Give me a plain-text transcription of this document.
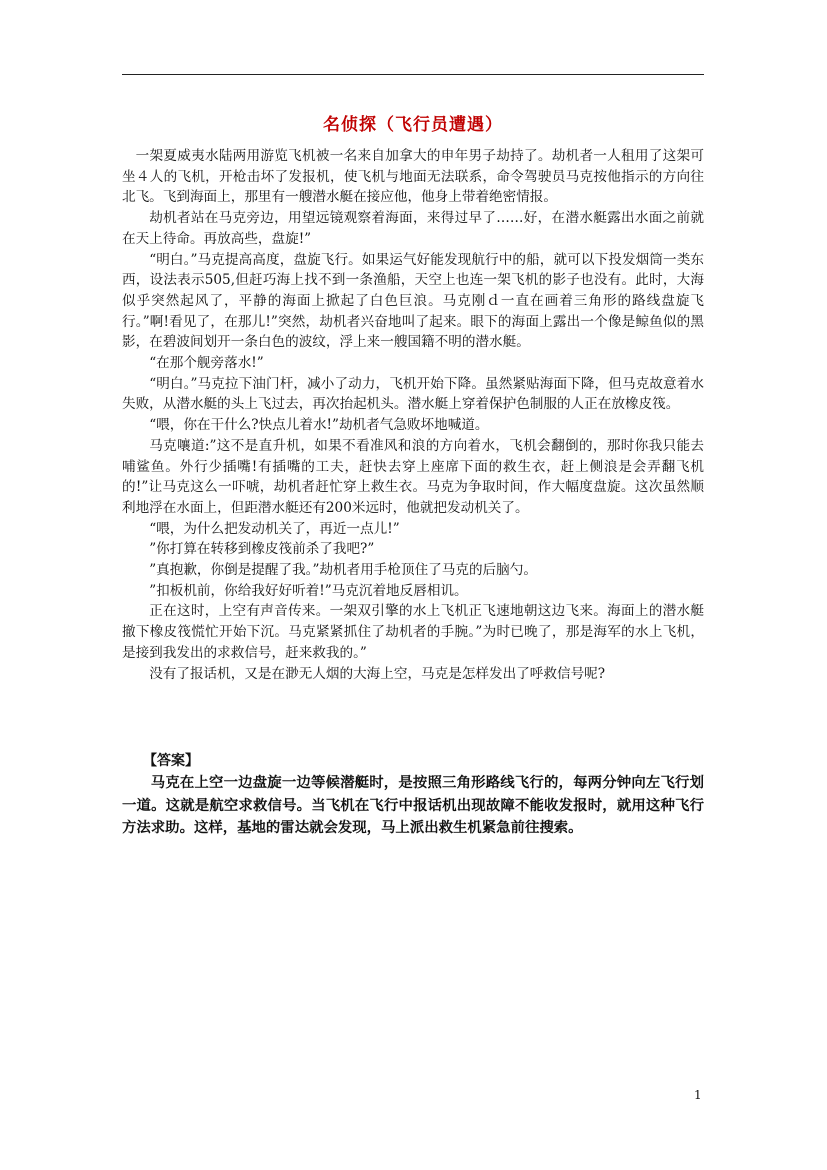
名侦探（飞行员遭遇）

一架夏威夷水陆两用游览飞机被一名来自加拿大的申年男子劫持了。劫机者一人租用了这架可坐４人的飞机，开枪击坏了发报机，使飞机与地面无法联系，命令驾驶员马克按他指示的方向往北飞。飞到海面上，那里有一艘潜水艇在接应他，他身上带着绝密情报。

劫机者站在马克旁边，用望远镜观察着海面，来得过早了……好，在潜水艇露出水面之前就在天上待命。再放高些，盘旋!”

“明白。”马克提高高度，盘旋飞行。如果运气好能发现航行中的船，就可以下投发烟筒一类东西，设法表示505,但赶巧海上找不到一条渔船，天空上也连一架飞机的影子也没有。此时，大海似乎突然起风了，平静的海面上掀起了白色巨浪。马克刚ｄ一直在画着三角形的路线盘旋飞行。”啊!看见了，在那儿!”突然，劫机者兴奋地叫了起来。眼下的海面上露出一个像是鲸鱼似的黑影，在碧波间划开一条白色的波纹，浮上来一艘国籍不明的潜水艇。

“在那个舰旁落水!”

“明白。”马克拉下油门杆，减小了动力，飞机开始下降。虽然紧贴海面下降，但马克故意着水失败，从潜水艇的头上飞过去，再次抬起机头。潜水艇上穿着保护色制服的人正在放橡皮筏。

“喂，你在干什么?快点儿着水!”劫机者气急败坏地喊道。

马克嚷道:”这不是直升机，如果不看准风和浪的方向着水，飞机会翻倒的，那时你我只能去哺鲨鱼。外行少插嘴!有插嘴的工夫，赶快去穿上座席下面的救生衣，赶上侧浪是会弄翻飞机的!”让马克这么一吓唬，劫机者赶忙穿上救生衣。马克为争取时间，作大幅度盘旋。这次虽然顺利地浮在水面上，但距潜水艇还有200米远时，他就把发动机关了。

“喂，为什么把发动机关了，再近一点儿!”

”你打算在转移到橡皮筏前杀了我吧?”

”真抱歉，你倒是提醒了我。”劫机者用手枪顶住了马克的后脑勺。

”扣板机前，你给我好好听着!”马克沉着地反唇相讥。

正在这时，上空有声音传来。一架双引擎的水上飞机正飞速地朝这边飞来。海面上的潜水艇撤下橡皮筏慌忙开始下沉。马克紧紧抓住了劫机者的手腕。”为时已晚了，那是海军的水上飞机，是接到我发出的求救信号，赶来救我的。”

没有了报话机，又是在渺无人烟的大海上空，马克是怎样发出了呼救信号呢?

【答案】

马克在上空一边盘旋一边等候潜艇时，是按照三角形路线飞行的，每两分钟向左飞行划一道。这就是航空求救信号。当飞机在飞行中报话机出现故障不能收发报时，就用这种飞行方法求助。这样，基地的雷达就会发现，马上派出救生机紧急前往搜索。

1
